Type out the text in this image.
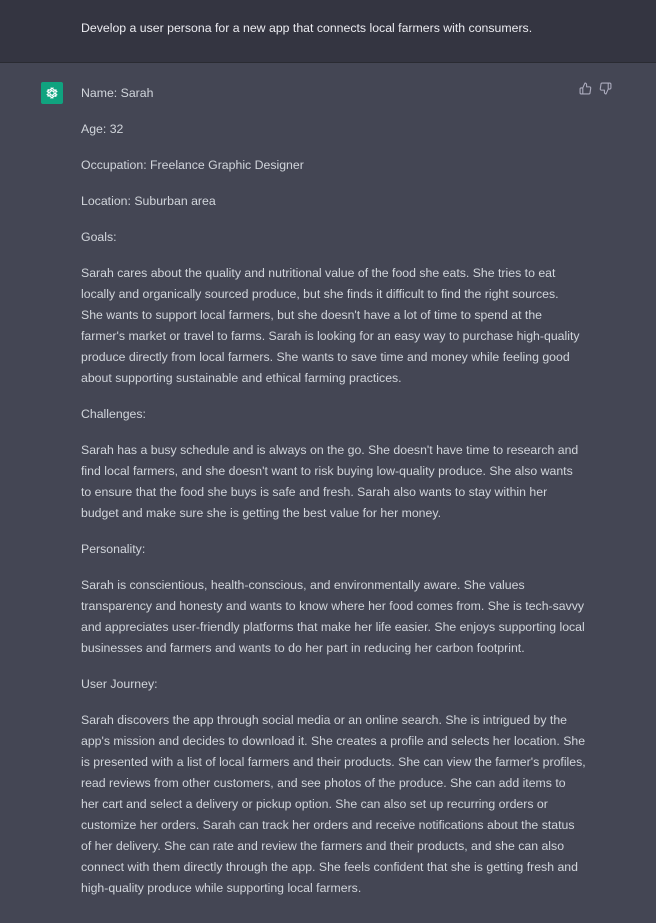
Develop a user persona for a new app that connects local farmers with consumers.

Name: Sarah

Age: 32

Occupation: Freelance Graphic Designer

Location: Suburban area

Goals:

Sarah cares about the quality and nutritional value of the food she eats. She tries to eat
locally and organically sourced produce, but she finds it difficult to find the right sources.
She wants to support local farmers, but she doesn't have a lot of time to spend at the
farmer's market or travel to farms. Sarah is looking for an easy way to purchase high-quality
produce directly from local farmers. She wants to save time and money while feeling good
about supporting sustainable and ethical farming practices.

Challenges:

Sarah has a busy schedule and is always on the go. She doesn't have time to research and
find local farmers, and she doesn't want to risk buying low-quality produce. She also wants
to ensure that the food she buys is safe and fresh. Sarah also wants to stay within her
budget and make sure she is getting the best value for her money.

Personality:

Sarah is conscientious, health-conscious, and environmentally aware. She values
transparency and honesty and wants to know where her food comes from. She is tech-savvy
and appreciates user-friendly platforms that make her life easier. She enjoys supporting local
businesses and farmers and wants to do her part in reducing her carbon footprint.

User Journey:

Sarah discovers the app through social media or an online search. She is intrigued by the
app's mission and decides to download it. She creates a profile and selects her location. She
is presented with a list of local farmers and their products. She can view the farmer's profiles,
read reviews from other customers, and see photos of the produce. She can add items to
her cart and select a delivery or pickup option. She can also set up recurring orders or
customize her orders. Sarah can track her orders and receive notifications about the status
of her delivery. She can rate and review the farmers and their products, and she can also
connect with them directly through the app. She feels confident that she is getting fresh and
high-quality produce while supporting local farmers.
